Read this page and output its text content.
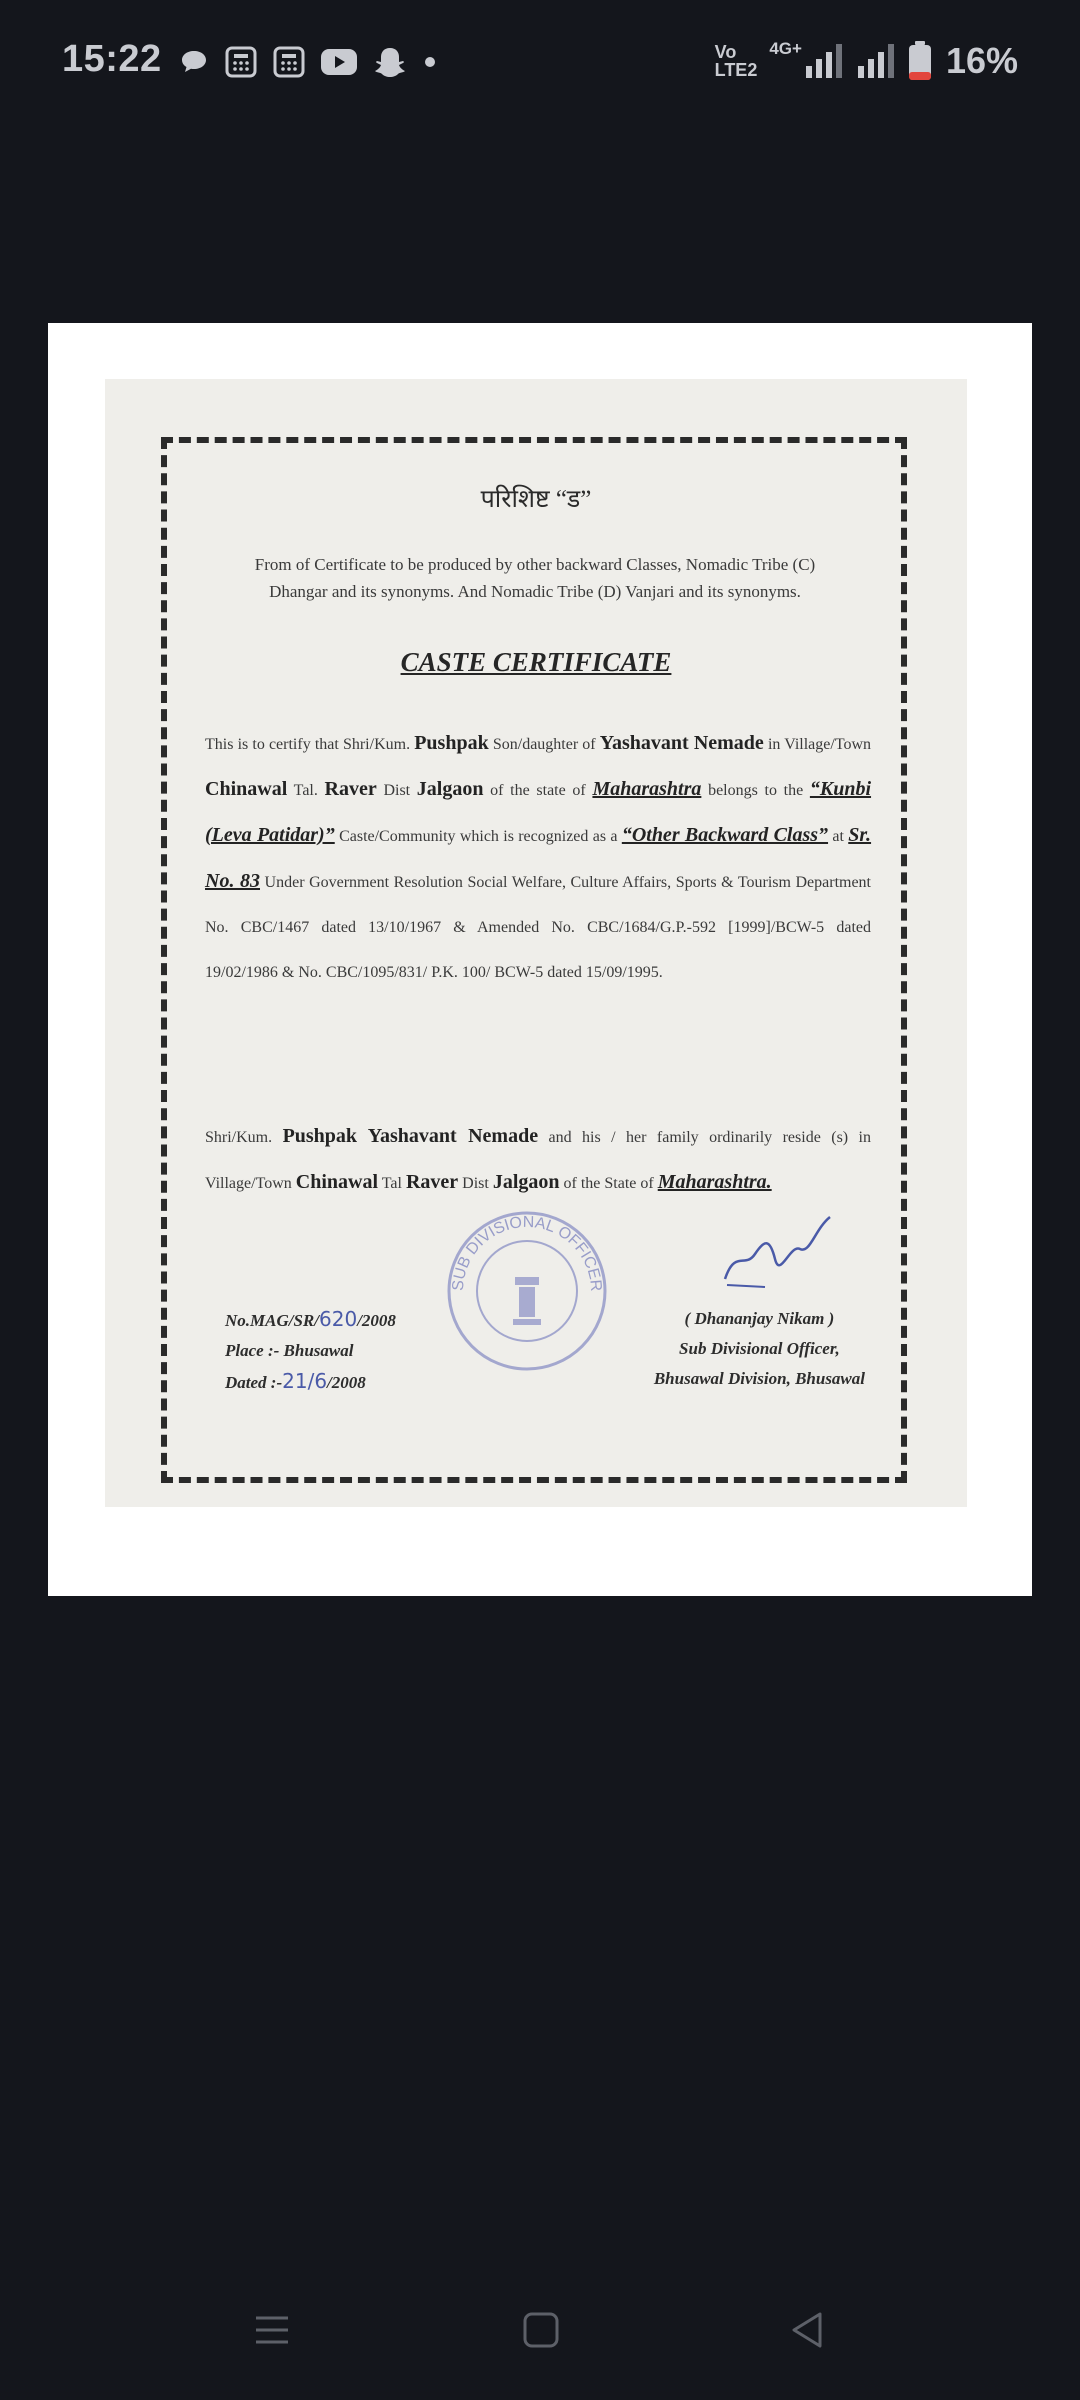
15:22	Vo
LTE2
4G+	16%
परिशिष्ट “ड”
From of Certificate to be produced by other backward Classes, Nomadic Tribe (C)
Dhangar and its synonyms. And Nomadic Tribe (D) Vanjari and its synonyms.
CASTE CERTIFICATE
This is to certify that Shri/Kum. Pushpak Son/daughter of Yashavant Nemade in Village/Town Chinawal Tal. Raver Dist Jalgaon of the state of Maharashtra belongs to the “Kunbi (Leva Patidar)” Caste/Community which is recognized as a “Other Backward Class” at Sr. No. 83 Under Government Resolution Social Welfare, Culture Affairs, Sports & Tourism Department No. CBC/1467 dated 13/10/1967 & Amended No. CBC/1684/G.P.-592 [1999]/BCW-5 dated 19/02/1986 & No. CBC/1095/831/ P.K. 100/ BCW-5 dated 15/09/1995.
Shri/Kum. Pushpak Yashavant Nemade and his / her family ordinarily reside (s) in Village/Town Chinawal Tal Raver Dist Jalgaon of the State of Maharashtra.
SUB DIVISIONAL OFFICER
No.MAG/SR/620/2008
Place :- Bhusawal
Dated :-21/6/2008
( Dhananjay Nikam )
Sub Divisional Officer,
Bhusawal Division, Bhusawal
